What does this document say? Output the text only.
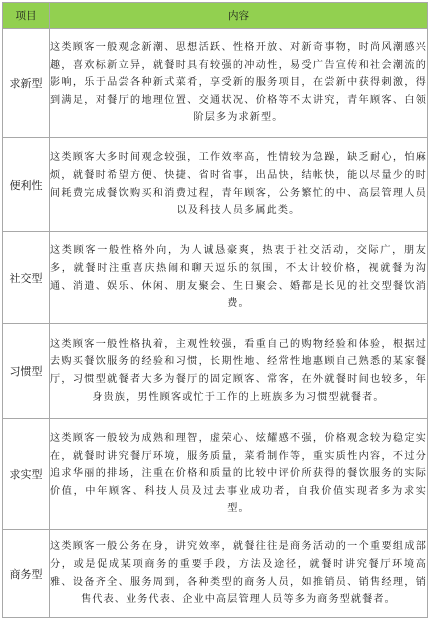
项目	内容
求新型	这类顾客一般观念新潮、思想活跃、性格开放、对新奇事物，时尚风潮感兴趣，喜欢标新立异，就餐时具有较强的冲动性，易受广告宣传和社会潮流的影响，乐于品尝各种新式菜肴，享受新的服务项目，在尝新中获得刺激，得到满足，对餐厅的地理位置、交通状况、价格等不太讲究，青年顾客、白领阶层多为求新型。
便利性	这类顾客大多时间观念较强，工作效率高，性情较为急躁，缺乏耐心，怕麻烦，就餐时希望方便、快捷、省时省事，出品快，结帐快，能以尽量少的时间耗费完成餐饮购买和消费过程，青年顾客，公务繁忙的中、高层管理人员以及科技人员多属此类。
社交型	这类顾客一般性格外向，为人诚恳豪爽，热衷于社交活动，交际广，朋友多，就餐时注重喜庆热闹和聊天逗乐的氛围，不太计较价格，视就餐为沟通、消遣、娱乐、休闲、朋友聚会、生日聚会、婚都是长见的社交型餐饮消费。
习惯型	这类顾客一般性格执着，主观性较强，看重自己的购物经验和体验，根据过去购买餐饮服务的经验和习惯，长期性地、经常性地惠顾自己熟悉的某家餐厅，习惯型就餐者大多为餐厅的固定顾客、常客，在外就餐时间也较多，年身贵族，男性顾客或忙于工作的上班族多为习惯型就餐者。
求实型	这类顾客一般较为成熟和理智，虚荣心、炫耀感不强，价格观念较为稳定实在，就餐时讲究餐厅环境，服务质量，菜肴制作等，重实质性内容，不过分追求华丽的排场，注重在价格和质量的比较中评价所获得的餐饮服务的实际价值，中年顾客、科技人员及过去事业成功者，自我价值实现者多为求实型。
商务型	这类顾客一般公务在身，讲究效率，就餐往往是商务活动的一个重要组成部分，或是促成某项商务的重要手段，方法及途径，就餐时讲究餐厅环境高雅、设备齐全、服务周到，各种类型的商务人员，如推销员、销售经理，销售代表、业务代表、企业中高层管理人员等多为商务型就餐者。
